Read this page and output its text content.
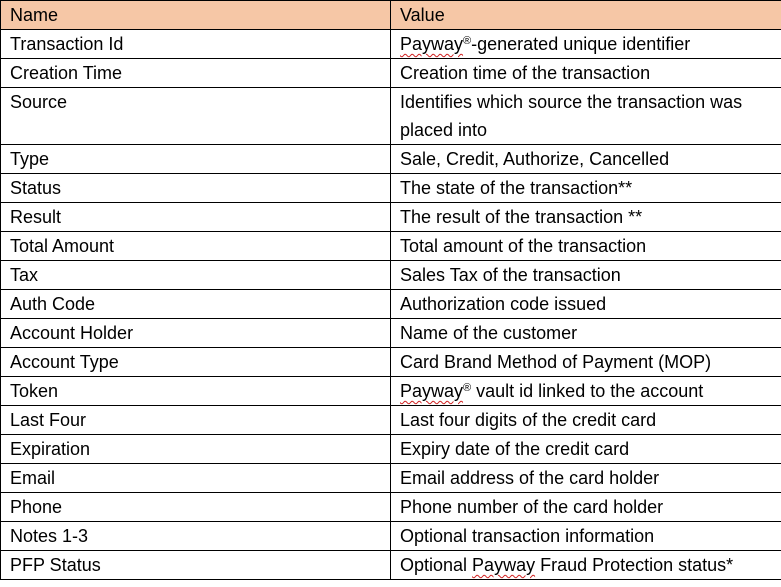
Name	Value
Transaction Id	Payway®-generated unique identifier
Creation Time	Creation time of the transaction
Source	Identifies which source the transaction was placed into
Type	Sale, Credit, Authorize, Cancelled
Status	The state of the transaction**
Result	The result of the transaction **
Total Amount	Total amount of the transaction
Tax	Sales Tax of the transaction
Auth Code	Authorization code issued
Account Holder	Name of the customer
Account Type	Card Brand Method of Payment (MOP)
Token	Payway® vault id linked to the account
Last Four	Last four digits of the credit card
Expiration	Expiry date of the credit card
Email	Email address of the card holder
Phone	Phone number of the card holder
Notes 1-3	Optional transaction information
PFP Status	Optional Payway Fraud Protection status*
